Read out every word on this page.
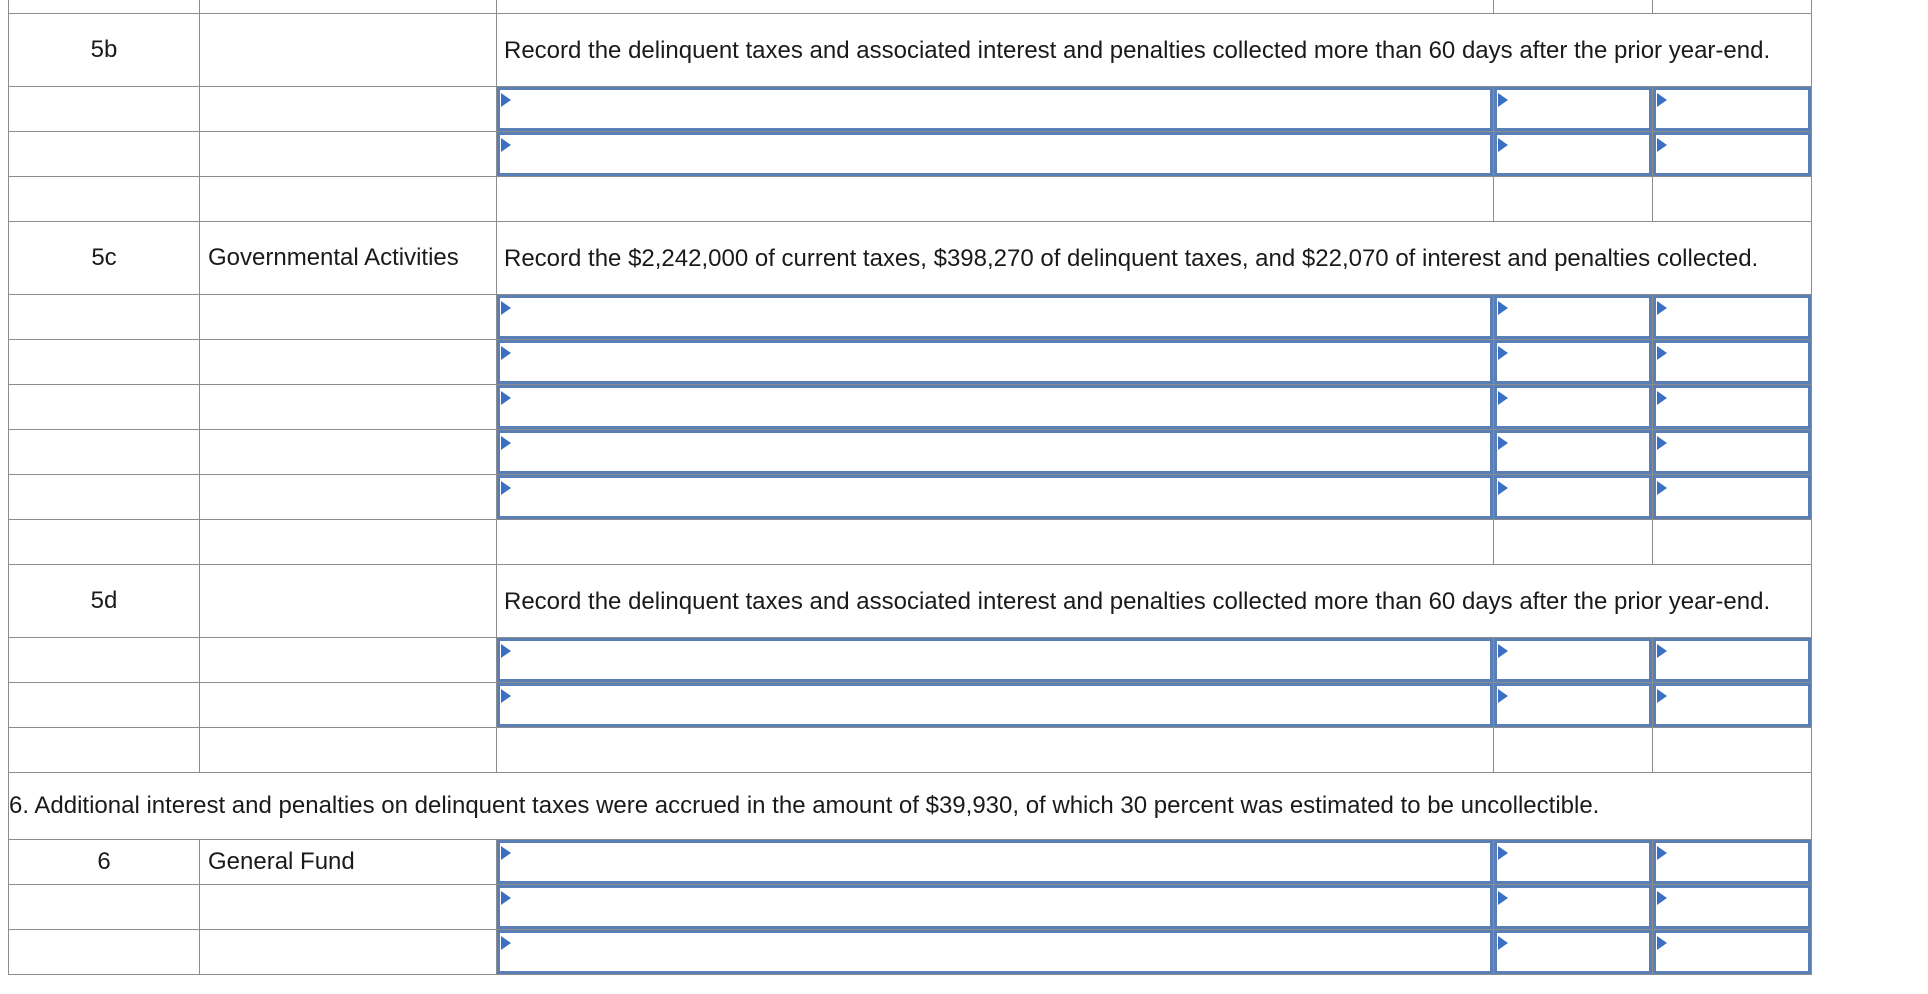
5b		Record the delinquent taxes and associated interest and penalties collected more than 60 days after the prior year-end.		

5c	Governmental Activities	Record the $2,242,000 of current taxes, $398,270 of delinquent taxes, and $22,070 of interest and penalties collected.		

5d		Record the delinquent taxes and associated interest and penalties collected more than 60 days after the prior year-end.		

6. Additional interest and penalties on delinquent taxes were accrued in the amount of $39,930, of which 30 percent was estimated to be uncollectible.				
6	General Fund	
